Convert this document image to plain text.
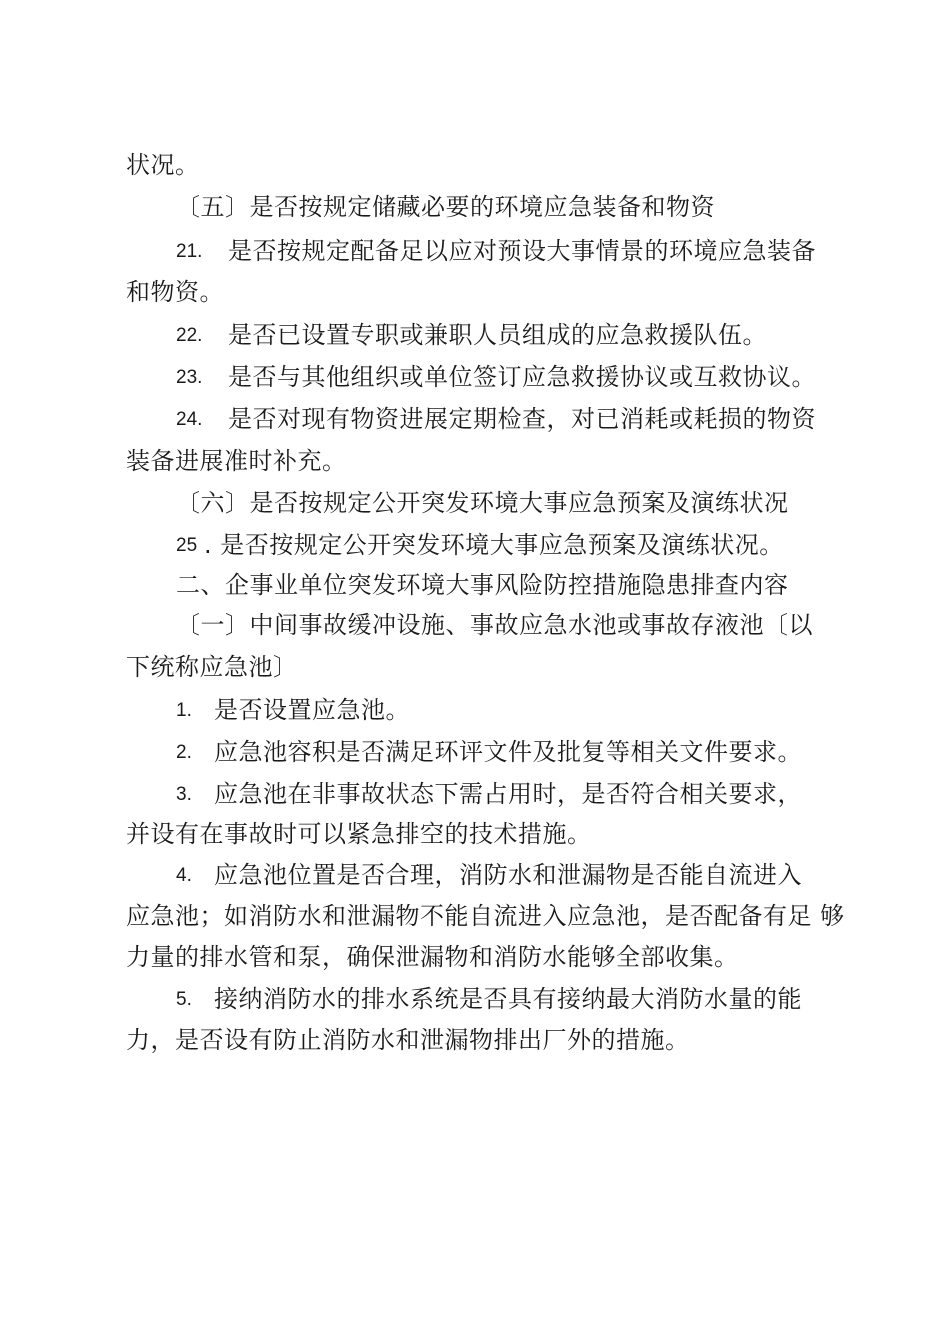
状况。
〔五〕是否按规定储藏必要的环境应急装备和物资
21. 是否按规定配备足以应对预设大事情景的环境应急装备
和物资。
22. 是否已设置专职或兼职人员组成的应急救援队伍。
23. 是否与其他组织或单位签订应急救援协议或互救协议。
24. 是否对现有物资进展定期检查，对已消耗或耗损的物资
装备进展准时补充。
〔六〕是否按规定公开突发环境大事应急预案及演练状况
25 . 是否按规定公开突发环境大事应急预案及演练状况。
二、企事业单位突发环境大事风险防控措施隐患排查内容
〔一〕中间事故缓冲设施、事故应急水池或事故存液池〔以
下统称应急池〕
1. 是否设置应急池。
2. 应急池容积是否满足环评文件及批复等相关文件要求。
3. 应急池在非事故状态下需占用时，是否符合相关要求，
并设有在事故时可以紧急排空的技术措施。
4. 应急池位置是否合理，消防水和泄漏物是否能自流进入
应急池；如消防水和泄漏物不能自流进入应急池，是否配备有足 够
力量的排水管和泵，确保泄漏物和消防水能够全部收集。
5. 接纳消防水的排水系统是否具有接纳最大消防水量的能
力，是否设有防止消防水和泄漏物排出厂外的措施。
